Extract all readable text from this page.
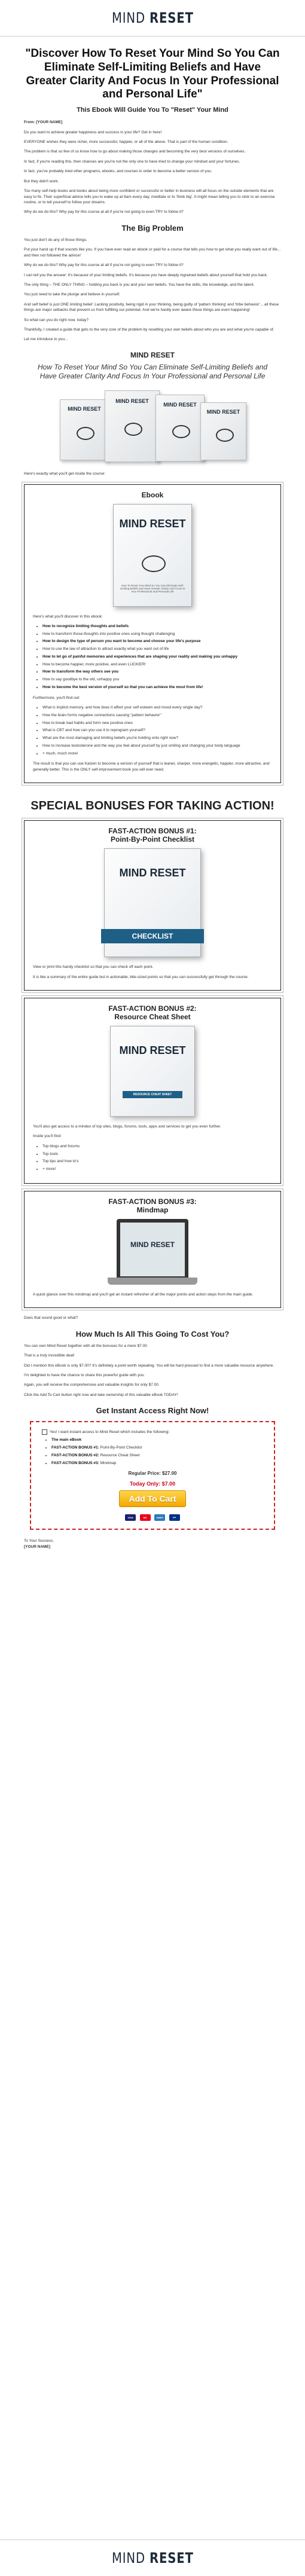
MIND RESET
"Discover How To Reset Your Mind So You Can Eliminate Self-Limiting Beliefs and Have Greater Clarity And Focus In Your Professional and Personal Life"
This Ebook Will Guide You To "Reset" Your Mind

From: [YOUR NAME]

Do you want to achieve greater happiness and success in your life? Get in here!

EVERYONE wishes they were richer, more successful, happier, or all of the above. That is part of the human condition.

The problem is that so few of us know how to go about making those changes and becoming the very best versions of ourselves.

In fact, if you're reading this, then chances are you're not the only one to have tried to change your mindset and your fortunes.

In fact, you've probably tried other programs, ebooks, and courses in order to become a better version of you.

But they didn't work.

Too many self-help books and books about being more confident or successful or better in business will all focus on the outside elements that are easy to fix. Their superficial advice tells you to wake up at 6am every day, meditate or to 'think big'. It might mean telling you to stick to an exercise routine, or to tell yourself to follow your dreams.

Why do we do this? Why pay for this course at all if you're not going to even TRY to follow it?

The Big Problem

You just don't do any of those things.

Put your hand up if that sounds like you. If you have ever read an ebook or paid for a course that tells you how to get what you really want out of life... and then not followed the advice!

Why do we do this? Why pay for this course at all if you're not going to even TRY to follow it?

I can tell you the answer: it's because of your limiting beliefs. It's because you have deeply ingrained beliefs about yourself that hold you back.

The only thing – THE ONLY THING – holding you back is you and your own beliefs. You have the skills, the knowledge, and the talent.

You just need to take the plunge and believe in yourself.

And self belief is just ONE limiting belief. Lacking positivity, being rigid in your thinking, being guilty of 'pattern thinking' and 'tribe behavior'... all these things are major setbacks that prevent us from fulfilling our potential. And we're hardly ever aware these things are even happening!

So what can you do right now, today?

Thankfully, I created a guide that gets to the very core of the problem by resetting your own beliefs about who you are and what you're capable of.

Let me introduce to you...

MIND RESET
How To Reset Your Mind So You Can Eliminate Self-Limiting Beliefs and Have Greater Clarity And Focus In Your Professional and Personal Life
MIND RESET
MIND RESET
MIND RESET
MIND RESET

Here's exactly what you'll get inside the course:

Ebook
MIND RESET
How To Reset Your Mind So You Can Eliminate Self-Limiting Beliefs and Have Greater Clarity And Focus In Your Professional and Personal Life

Here's what you'll discover in this ebook:

• How to recognize limiting thoughts and beliefs
• How to transform those thoughts into positive ones using thought challenging
• How to design the type of person you want to become and choose your life's purpose
• How to use the law of attraction to attract exactly what you want out of life
• How to let go of painful memories and experiences that are shaping your reality and making you unhappy
• How to become happier, more positive, and even LUCKIER!
• How to transform the way others see you
• How to say goodbye to the old, unhappy you
• How to become the best version of yourself so that you can achieve the most from life!

Furthermore, you'll find out:

• What is implicit memory, and how does it affect your self esteem and mood every single day?
• How the brain forms negative connections causing "pattern behavior"
• How to break bad habits and form new positive ones
• What is CBT and how can you use it to reprogram yourself?
• What are the most damaging and limiting beliefs you're holding onto right now?
• How to increase testosterone and the way you feel about yourself by just smiling and changing your body language
• + much, much more!

The result is that you can use Kaizen to become a version of yourself that is leaner, sharper, more energetic, happier, more attractive, and generally better. This is the ONLY self-improvement book you will ever need.

SPECIAL BONUSES FOR TAKING ACTION!
FAST-ACTION BONUS #1:
Point-By-Point Checklist
MIND RESET
CHECKLIST

View or print this handy checklist so that you can check off each point.

It is like a summary of the entire guide but in actionable, bite-sized points so that you can successfully get through the course.

FAST-ACTION BONUS #2:
Resource Cheat Sheet
MIND RESET
RESOURCE CHEAT SHEET

You'll also get access to a mindex of top sites, blogs, forums, tools, apps and services to get you even further.

Inside you'll find:

• Top blogs and forums
• Top tools
• Top tips and how to's
• + more!
FAST-ACTION BONUS #3:
Mindmap
MIND RESET

A quick glance over this mindmap and you'll get an instant refresher of all the major points and action steps from the main guide.

Does that sound good or what?

How Much Is All This Going To Cost You?

You can own Mind Reset together with all the bonuses for a mere $7.00.

That is a truly incredible deal!

Did I mention this eBook is only $7.00? It's definitely a point worth repeating. You will be hard pressed to find a more valuable resource anywhere.

I'm delighted to have the chance to share this powerful guide with you.

Again, you will receive the comprehensive and valuable insights for only $7.00.

Click the Add To Cart button right now and take ownership of this valuable eBook TODAY!

Get Instant Access Right Now!
Yes! I want instant access to Mind Reset which includes the following:
• The main eBook
• FAST-ACTION BONUS #1: Point-By-Point Checklist
• FAST-ACTION BONUS #2: Resource Cheat Sheet
• FAST-ACTION BONUS #3: Mindmap
Regular Price: $27.00
Today Only: $7.00
Add To Cart
VISA	MC	AMEX	PP

To Your Success,
[YOUR NAME]

MIND RESET
